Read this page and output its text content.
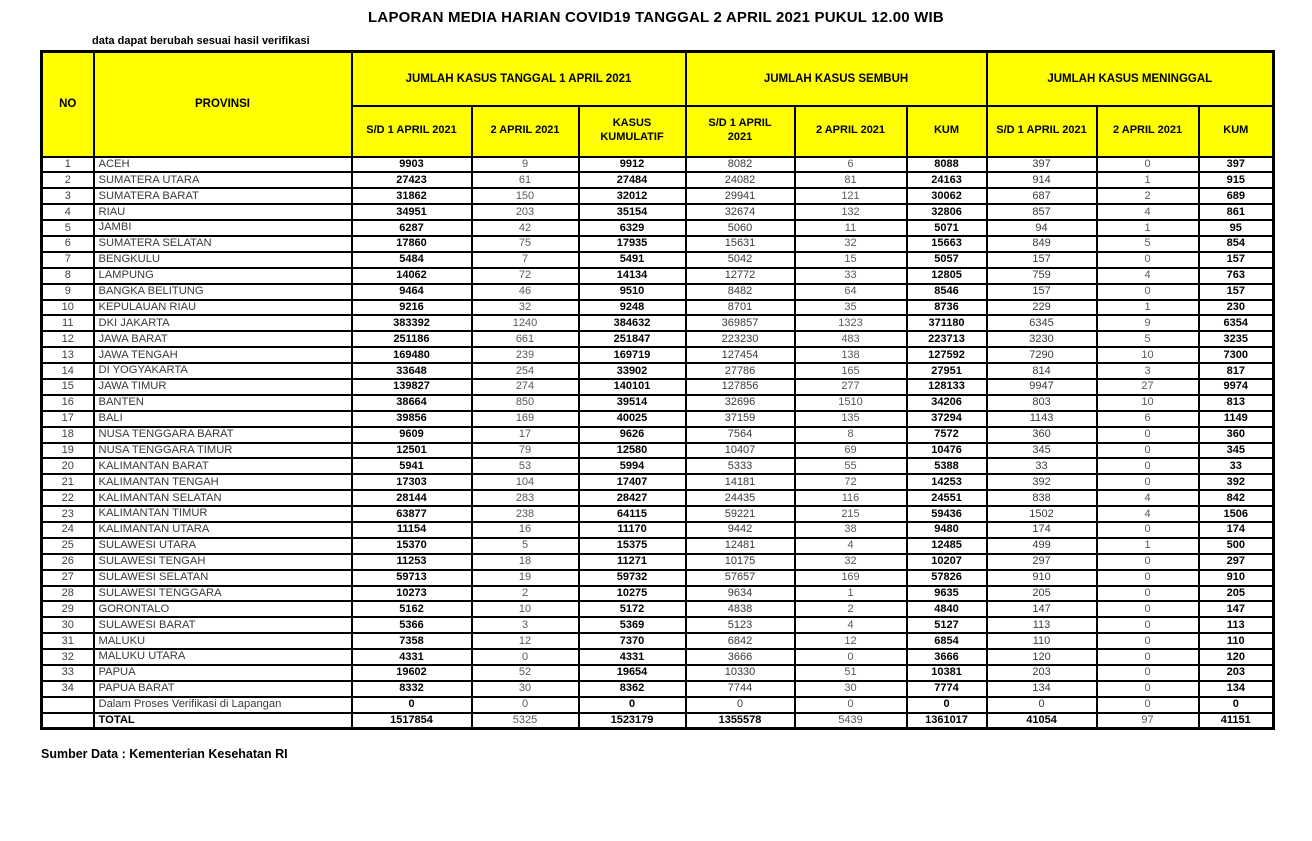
LAPORAN MEDIA HARIAN COVID19 TANGGAL 2 APRIL 2021 PUKUL 12.00 WIB
data dapat berubah sesuai hasil verifikasi
NO	PROVINSI	JUMLAH KASUS TANGGAL 1 APRIL 2021			JUMLAH KASUS SEMBUH			JUMLAH KASUS MENINGGAL		
		S/D 1 APRIL 2021	2 APRIL 2021	KASUS KUMULATIF	S/D 1 APRIL 2021	2 APRIL 2021	KUM	S/D 1 APRIL 2021	2 APRIL 2021	KUM
1	ACEH	9903	9	9912	8082	6	8088	397	0	397
2	SUMATERA UTARA	27423	61	27484	24082	81	24163	914	1	915
3	SUMATERA BARAT	31862	150	32012	29941	121	30062	687	2	689
4	RIAU	34951	203	35154	32674	132	32806	857	4	861
5	JAMBI	6287	42	6329	5060	11	5071	94	1	95
6	SUMATERA SELATAN	17860	75	17935	15631	32	15663	849	5	854
7	BENGKULU	5484	7	5491	5042	15	5057	157	0	157
8	LAMPUNG	14062	72	14134	12772	33	12805	759	4	763
9	BANGKA BELITUNG	9464	46	9510	8482	64	8546	157	0	157
10	KEPULAUAN RIAU	9216	32	9248	8701	35	8736	229	1	230
11	DKI JAKARTA	383392	1240	384632	369857	1323	371180	6345	9	6354
12	JAWA BARAT	251186	661	251847	223230	483	223713	3230	5	3235
13	JAWA TENGAH	169480	239	169719	127454	138	127592	7290	10	7300
14	DI YOGYAKARTA	33648	254	33902	27786	165	27951	814	3	817
15	JAWA TIMUR	139827	274	140101	127856	277	128133	9947	27	9974
16	BANTEN	38664	850	39514	32696	1510	34206	803	10	813
17	BALI	39856	169	40025	37159	135	37294	1143	6	1149
18	NUSA TENGGARA BARAT	9609	17	9626	7564	8	7572	360	0	360
19	NUSA TENGGARA TIMUR	12501	79	12580	10407	69	10476	345	0	345
20	KALIMANTAN BARAT	5941	53	5994	5333	55	5388	33	0	33
21	KALIMANTAN TENGAH	17303	104	17407	14181	72	14253	392	0	392
22	KALIMANTAN SELATAN	28144	283	28427	24435	116	24551	838	4	842
23	KALIMANTAN TIMUR	63877	238	64115	59221	215	59436	1502	4	1506
24	KALIMANTAN UTARA	11154	16	11170	9442	38	9480	174	0	174
25	SULAWESI UTARA	15370	5	15375	12481	4	12485	499	1	500
26	SULAWESI TENGAH	11253	18	11271	10175	32	10207	297	0	297
27	SULAWESI SELATAN	59713	19	59732	57657	169	57826	910	0	910
28	SULAWESI TENGGARA	10273	2	10275	9634	1	9635	205	0	205
29	GORONTALO	5162	10	5172	4838	2	4840	147	0	147
30	SULAWESI BARAT	5366	3	5369	5123	4	5127	113	0	113
31	MALUKU	7358	12	7370	6842	12	6854	110	0	110
32	MALUKU UTARA	4331	0	4331	3666	0	3666	120	0	120
33	PAPUA	19602	52	19654	10330	51	10381	203	0	203
34	PAPUA BARAT	8332	30	8362	7744	30	7774	134	0	134
	Dalam Proses Verifikasi di Lapangan	0	0	0	0	0	0	0	0	0
	TOTAL	1517854	5325	1523179	1355578	5439	1361017	41054	97	41151
Sumber Data : Kementerian Kesehatan RI
